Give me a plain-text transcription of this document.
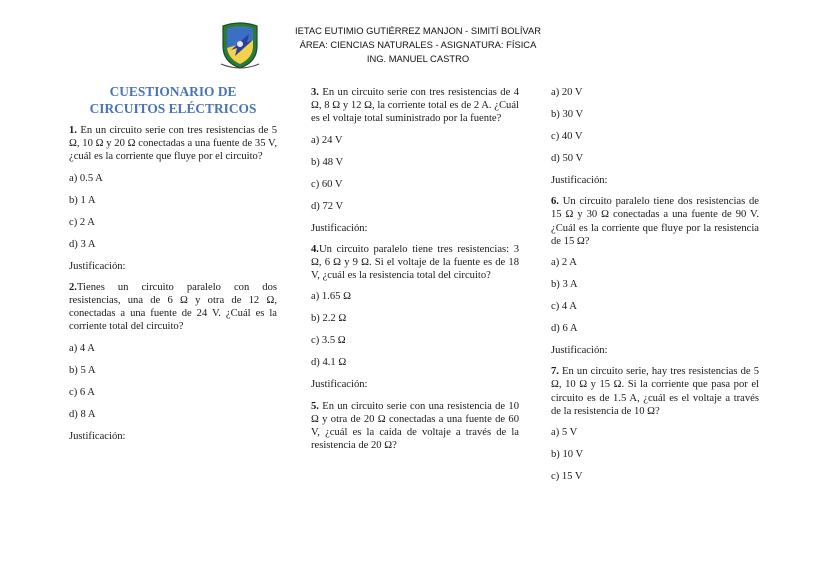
IETAC EUTIMIO GUTIÉRREZ MANJON - SIMITÍ BOLÍVAR
ÁREA: CIENCIAS NATURALES - ASIGNATURA: FÍSICA
ING. MANUEL CASTRO
CUESTIONARIO DE
CIRCUITOS ELÉCTRICOS
1. En un circuito serie con tres resistencias de 5 Ω, 10 Ω y 20 Ω conectadas a una fuente de 35 V, ¿cuál es la corriente que fluye por el circuito?
a) 0.5 A
b) 1 A
c) 2 A
d) 3 A
Justificación:
2.Tienes un circuito paralelo con dos resistencias, una de 6 Ω y otra de 12 Ω, conectadas a una fuente de 24 V. ¿Cuál es la corriente total del circuito?
a) 4 A
b) 5 A
c) 6 A
d) 8 A
Justificación:
3. En un circuito serie con tres resistencias de 4 Ω, 8 Ω y 12 Ω, la corriente total es de 2 A. ¿Cuál es el voltaje total suministrado por la fuente?
a) 24 V
b) 48 V
c) 60 V
d) 72 V
Justificación:
4.Un circuito paralelo tiene tres resistencias: 3 Ω, 6 Ω y 9 Ω. Si el voltaje de la fuente es de 18 V, ¿cuál es la resistencia total del circuito?
a) 1.65 Ω
b) 2.2 Ω
c) 3.5 Ω
d) 4.1 Ω
Justificación:
5. En un circuito serie con una resistencia de 10 Ω y otra de 20 Ω conectadas a una fuente de 60 V, ¿cuál es la caída de voltaje a través de la resistencia de 20 Ω?
a) 20 V
b) 30 V
c) 40 V
d) 50 V
Justificación:
6. Un circuito paralelo tiene dos resistencias de 15 Ω y 30 Ω conectadas a una fuente de 90 V. ¿Cuál es la corriente que fluye por la resistencia de 15 Ω?
a) 2 A
b) 3 A
c) 4 A
d) 6 A
Justificación:
7. En un circuito serie, hay tres resistencias de 5 Ω, 10 Ω y 15 Ω. Si la corriente que pasa por el circuito es de 1.5 A, ¿cuál es el voltaje a través de la resistencia de 10 Ω?
a) 5 V
b) 10 V
c) 15 V
